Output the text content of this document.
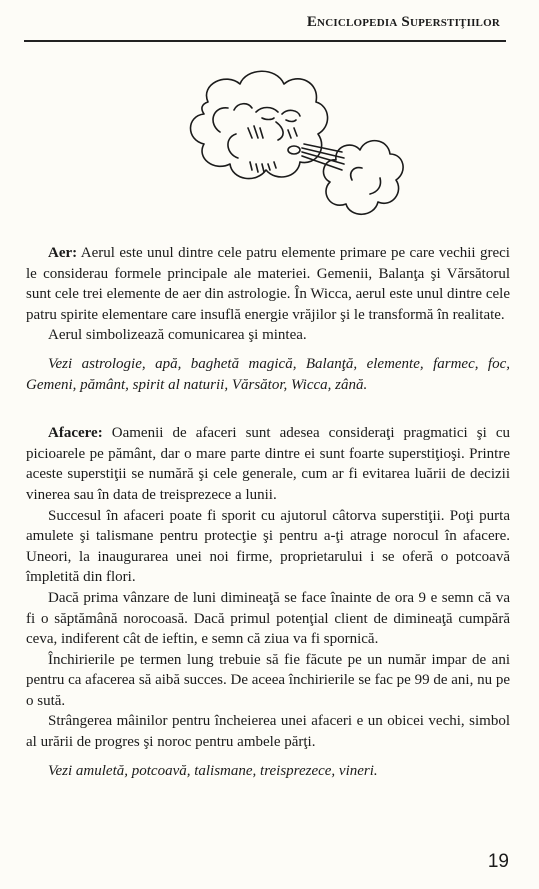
Enciclopedia Superstiţiilor

Aer: Aerul este unul dintre cele patru elemente primare pe care vechii greci le considerau formele principale ale materiei. Gemenii, Balanţa şi Vărsătorul sunt cele trei elemente de aer din astrologie. În Wicca, aerul este unul dintre cele patru spirite elementare care insuflă energie vrăjilor şi le transformă în realitate.

Aerul simbolizează comunicarea şi mintea.

Vezi astrologie, apă, baghetă magică, Balanţă, elemente, farmec, foc, Gemeni, pământ, spirit al naturii, Vărsător, Wicca, zână.

Afacere: Oamenii de afaceri sunt adesea consideraţi pragmatici şi cu picioarele pe pământ, dar o mare parte dintre ei sunt foarte superstiţioşi. Printre aceste superstiţii se numără şi cele generale, cum ar fi evitarea luării de decizii vinerea sau în data de treisprezece a lunii.

Succesul în afaceri poate fi sporit cu ajutorul câtorva superstiţii. Poţi purta amulete şi talismane pentru protecţie şi pentru a-ţi atrage norocul în afacere. Uneori, la inaugurarea unei noi firme, proprietarului i se oferă o potcoavă împletită din flori.

Dacă prima vânzare de luni dimineaţă se face înainte de ora 9 e semn că va fi o săptămână norocoasă. Dacă primul potenţial client de dimineaţă cumpără ceva, indiferent cât de ieftin, e semn că ziua va fi spornică.

Închirierile pe termen lung trebuie să fie făcute pe un număr impar de ani pentru ca afacerea să aibă succes. De aceea închirierile se fac pe 99 de ani, nu pe o sută.

Strângerea mâinilor pentru încheierea unei afaceri e un obicei vechi, simbol al urării de progres şi noroc pentru ambele părţi.

Vezi amuletă, potcoavă, talismane, treisprezece, vineri.

19
